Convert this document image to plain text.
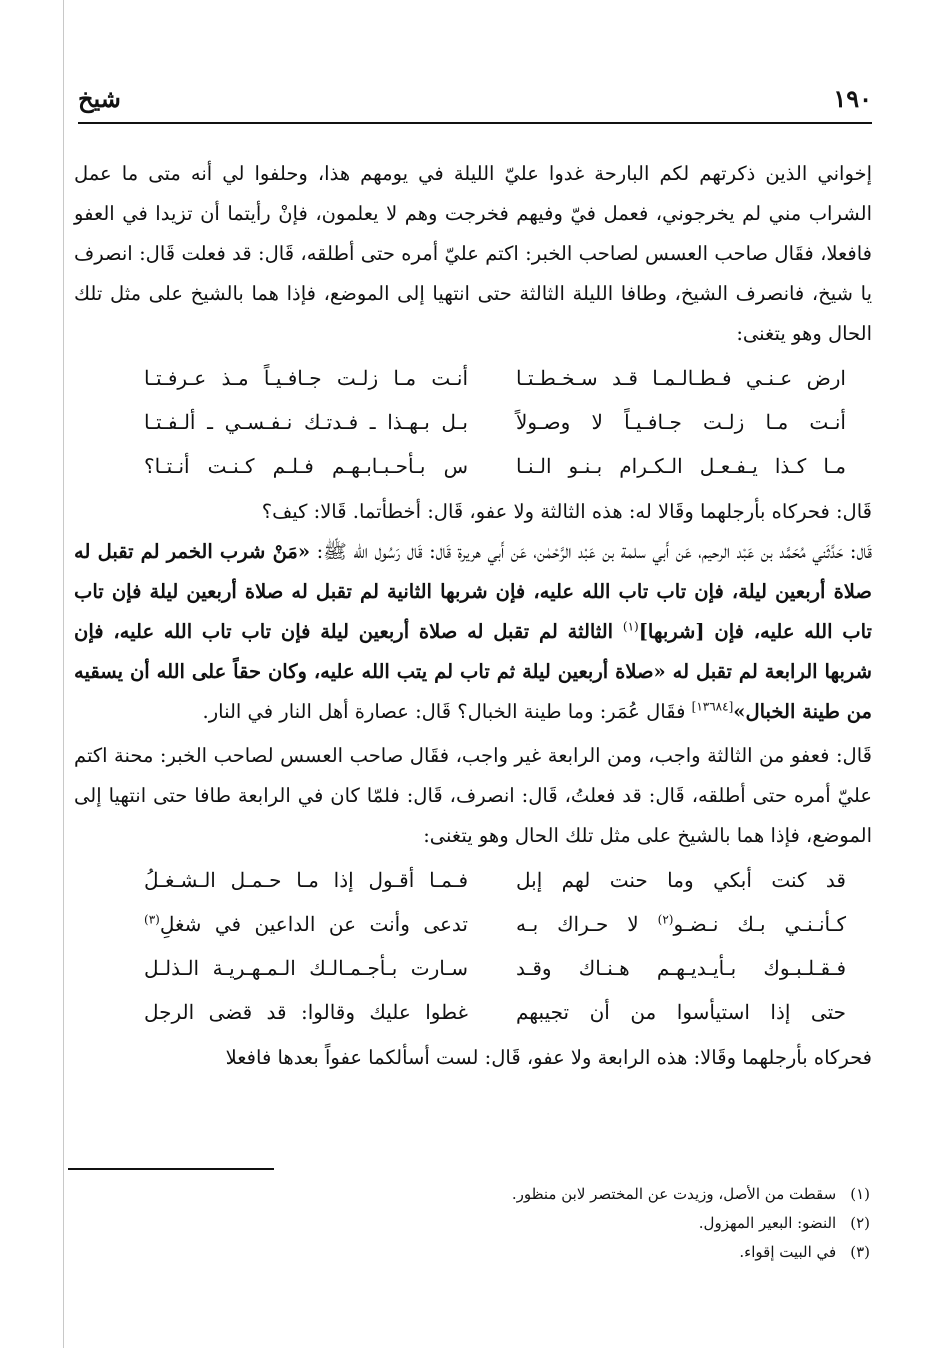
١٩٠
شيخ

إخواني الذين ذكرتهم لكم البارحة غدوا عليّ الليلة في يومهم هذا، وحلفوا لي أنه متى ما عمل الشراب مني لم يخرجوني، فعمل فيّ وفيهم فخرجت وهم لا يعلمون، فإنْ رأيتما أن تزيدا في العفو فافعلا، فقَال صاحب العسس لصاحب الخبر: اكتم عليّ أمره حتى أطلقه، قَال: قد فعلت قَال: انصرف يا شيخ، فانصرف الشيخ، وطافا الليلة الثالثة حتى انتهيا إلى الموضع، فإذا هما بالشيخ على مثل تلك الحال وهو يتغنى:

ارض عـنـي فـطـالـمـا قـد سـخـطـتـا
أنـت مـا زلـت جـافـيـاً مـذ عـرفـتـا
أنـت مـا زلـت جـافـيـاً لا وصـولاً
بـل بـهـذا ـ فـدتـك نـفـسـي ـ ألـفـتـا
مـا كـذا يـفـعـل الـكـرام بـنـو الـنـا
س بـأحـبـابـهـم فـلـم كـنـت أنـتـا؟

قَال: فحركاه بأرجلهما وقَالا له: هذه الثالثة ولا عفو، قَال: أخطأتما. قَالا: كيف؟

قَال: حَدَّثَني مُحَمَّد بن عَبْد الرحيم، عَن أَبي سلمة بن عَبْد الرَّحْمٰن، عَن أَبي هريرة قَال: قَال رَسُول الله ﷺ: «مَنْ شرب الخمر لم تقبل له صلاة أربعين ليلة، فإن تاب تاب الله عليه، فإن شربها الثانية لم تقبل له صلاة أربعين ليلة فإن تاب تاب الله عليه، فإن [شربها]$^{(١)}$ الثالثة لم تقبل له صلاة أربعين ليلة فإن تاب تاب الله عليه، فإن شربها الرابعة لم تقبل له «صلاة أربعين ليلة ثم تاب لم يتب الله عليه، وكان حقاً على الله أن يسقيه من طينة الخبال»[١٣٦٨٤] فقَال عُمَر: وما طينة الخبال؟ قَال: عصارة أهل النار في النار.

قَال: فعفو من الثالثة واجب، ومن الرابعة غير واجب، فقَال صاحب العسس لصاحب الخبر: محنة اكتم عليّ أمره حتى أطلقه، قَال: قد فعلتُ، قَال: انصرف، قَال: فلمّا كان في الرابعة طافا حتى انتهيا إلى الموضع، فإذا هما بالشيخ على مثل تلك الحال وهو يتغنى:

قد كنت أبكي وما حنت لهم إبل
فـمـا أقـول إذا مـا حـمـل الـشـغـلُ
كـأنـنـي بـك نـضـو$^{(٢)}$ لا حـراك بـه
تدعى وأنت عن الداعين في شغلِ$^{(٣)}$
فـقـلـبـوك بـأيـديـهـم هـنـاك وقـد
سـارت بـأجـمـالـك الـمـهـريـة الـذلـل
حتى إذا استيأسوا من أن تجيبهم
غطوا عليك وقالوا: قد قضى الرجل

فحركاه بأرجلهما وقَالا: هذه الرابعة ولا عفو، قَال: لست أسألكما عفواً بعدها فافعلا

(١)سقطت من الأصل، وزيدت عن المختصر لابن منظور.

(٢)النضو: البعير المهزول.

(٣)في البيت إقواء.
